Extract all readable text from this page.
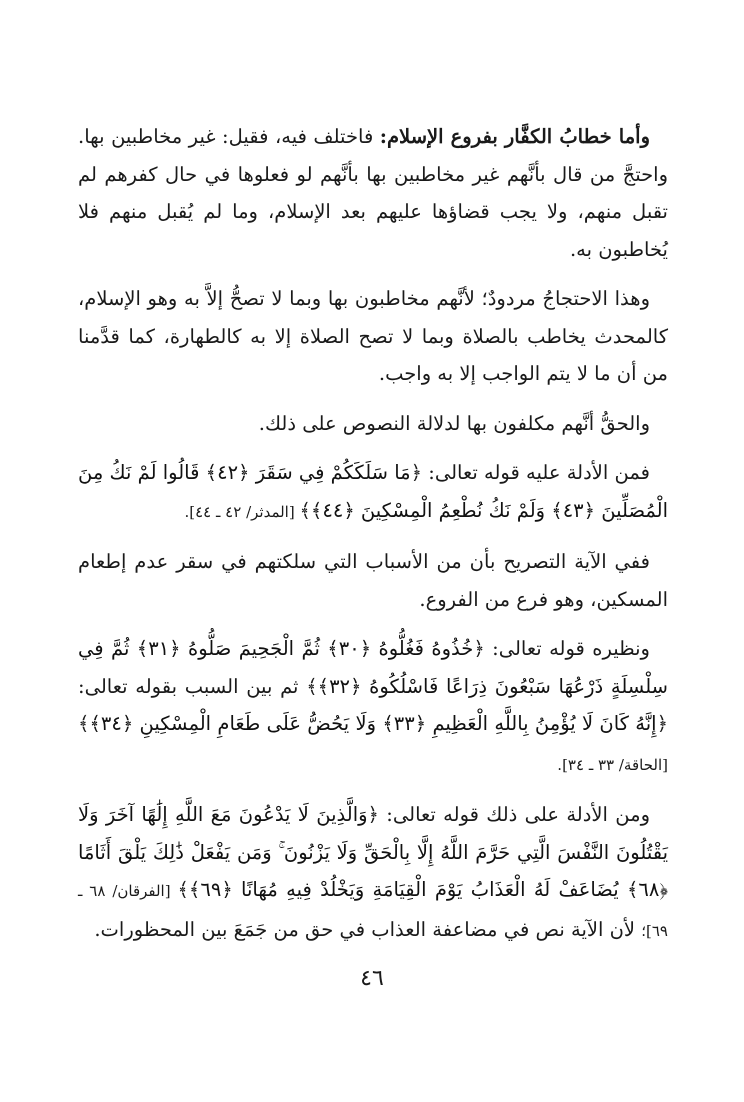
وأما خطابُ الكفَّار بفروع الإسلام: فاختلف فيه، فقيل: غير مخاطبين بها. واحتجَّ من قال بأنَّهم غير مخاطبين بها بأنَّهم لو فعلوها في حال كفرهم لم تقبل منهم، ولا يجب قضاؤها عليهم بعد الإسلام، وما لم يُقبل منهم فلا يُخاطبون به.

وهذا الاحتجاجُ مردودٌ؛ لأنَّهم مخاطبون بها وبما لا تصحُّ إلاَّ به وهو الإسلام، كالمحدث يخاطب بالصلاة وبما لا تصح الصلاة إلا به كالطهارة، كما قدَّمنا من أن ما لا يتم الواجب إلا به واجب.

والحقُّ أنَّهم مكلفون بها لدلالة النصوص على ذلك.

فمن الأدلة عليه قوله تعالى: ﴿مَا سَلَكَكُمْ فِي سَقَرَ ﴿٤٢﴾ قَالُوا لَمْ نَكُ مِنَ الْمُصَلِّينَ ﴿٤٣﴾ وَلَمْ نَكُ نُطْعِمُ الْمِسْكِينَ ﴿٤٤﴾﴾ [المدثر/ ٤٢ ـ ٤٤].

ففي الآية التصريح بأن من الأسباب التي سلكتهم في سقر عدم إطعام المسكين، وهو فرع من الفروع.

ونظيره قوله تعالى: ﴿خُذُوهُ فَغُلُّوهُ ﴿٣٠﴾ ثُمَّ الْجَحِيمَ صَلُّوهُ ﴿٣١﴾ ثُمَّ فِي سِلْسِلَةٍ ذَرْعُهَا سَبْعُونَ ذِرَاعًا فَاسْلُكُوهُ ﴿٣٢﴾﴾ ثم بين السبب بقوله تعالى: ﴿إِنَّهُ كَانَ لَا يُؤْمِنُ بِاللَّهِ الْعَظِيمِ ﴿٣٣﴾ وَلَا يَحُضُّ عَلَى طَعَامِ الْمِسْكِينِ ﴿٣٤﴾﴾ [الحاقة/ ٣٣ ـ ٣٤].

ومن الأدلة على ذلك قوله تعالى: ﴿وَالَّذِينَ لَا يَدْعُونَ مَعَ اللَّهِ إِلَٰهًا آخَرَ وَلَا يَقْتُلُونَ النَّفْسَ الَّتِي حَرَّمَ اللَّهُ إِلَّا بِالْحَقِّ وَلَا يَزْنُونَ ۚ وَمَن يَفْعَلْ ذَٰلِكَ يَلْقَ أَثَامًا ﴿٦٨﴾ يُضَاعَفْ لَهُ الْعَذَابُ يَوْمَ الْقِيَامَةِ وَيَخْلُدْ فِيهِ مُهَانًا ﴿٦٩﴾﴾ [الفرقان/ ٦٨ ـ ٦٩]؛ لأن الآية نص في مضاعفة العذاب في حق من جَمَعَ بين المحظورات.

٤٦
